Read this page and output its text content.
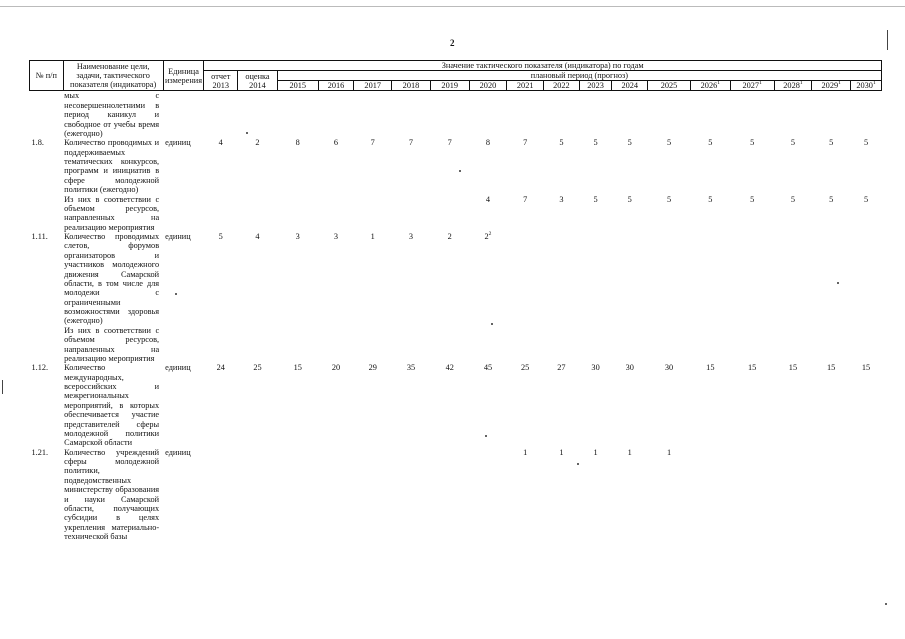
2
№ п/п	Наименование цели, задачи, тактического показателя (индикатора)	Единица измерения	Значение тактического показателя (индикатора) по годам																	
			отчет 2013	оценка 2014	плановый период (прогноз)															
					2015	2016	2017	2018	2019	2020	2021	2022	2023	2024	2025	2026$^1$	2027$^1$	2028$^1$	2029$^1$	2030$^1$
	мых с несовершеннолетними в период каникул и свободное от учебы время (ежегодно)																			
1.8.	Количество проводимых и поддерживаемых тематических конкурсов, программ и инициатив в сфере молодежной политики (ежегодно)	единиц	4	2	8	6	7	7	7	8	7	5	5	5	5	5	5	5	5	5
	Из них в соответствии с объемом ресурсов, направленных на реализацию мероприятия									4	7	3	5	5	5	5	5	5	5	5
1.11.	Количество проводимых слетов, форумов организаторов и участников молодежного движения Самарской области, в том числе для молодежи с ограниченными возможностями здоровья (ежегодно)	единиц	5	4	3	3	1	3	2	$2^2$										
	Из них в соответствии с объемом ресурсов, направленных на реализацию мероприятия																			
1.12.	Количество международных, всероссийских и межрегиональных мероприятий, в которых обеспечивается участие представителей сферы молодежной политики Самарской области	единиц	24	25	15	20	29	35	42	45	25	27	30	30	30	15	15	15	15	15
1.21.	Количество учреждений сферы молодежной политики, подведомственных министерству образования и науки Самарской области, получающих субсидии в целях укрепления материально-технической базы	единиц									1	1	1	1	1					
